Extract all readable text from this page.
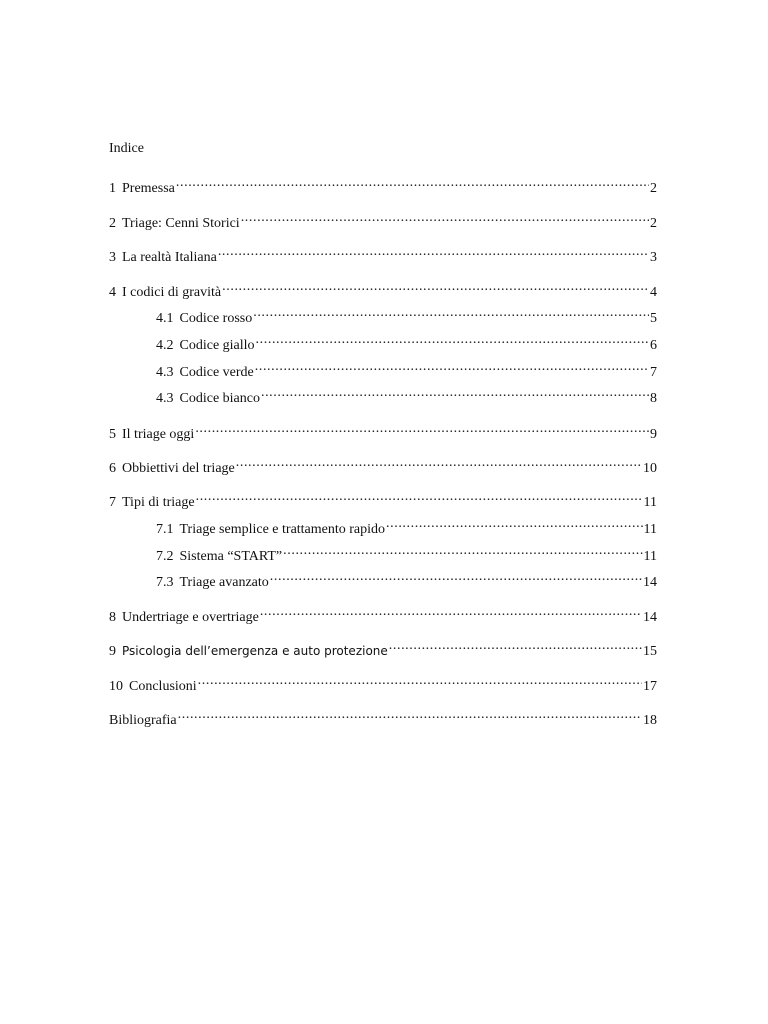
Indice
1 Premessa .....	2
2 Triage: Cenni Storici .....	2
3 La realtà Italiana .....	3
4 I codici di gravità .....	4
4.1 Codice rosso .....	5
4.2 Codice giallo .....	6
4.3 Codice verde .....	7
4.3 Codice bianco .....	8
5 Il triage oggi .....	9
6 Obbiettivi del triage .....	10
7 Tipi di triage .....	11
7.1 Triage semplice e trattamento rapido .....	11
7.2 Sistema “START” .....	11
7.3 Triage avanzato .....	14
8 Undertriage e overtriage .....	14
9 Psicologia dell’emergenza e auto protezione .....	15
10 Conclusioni .....	17
Bibliografia .....	18
